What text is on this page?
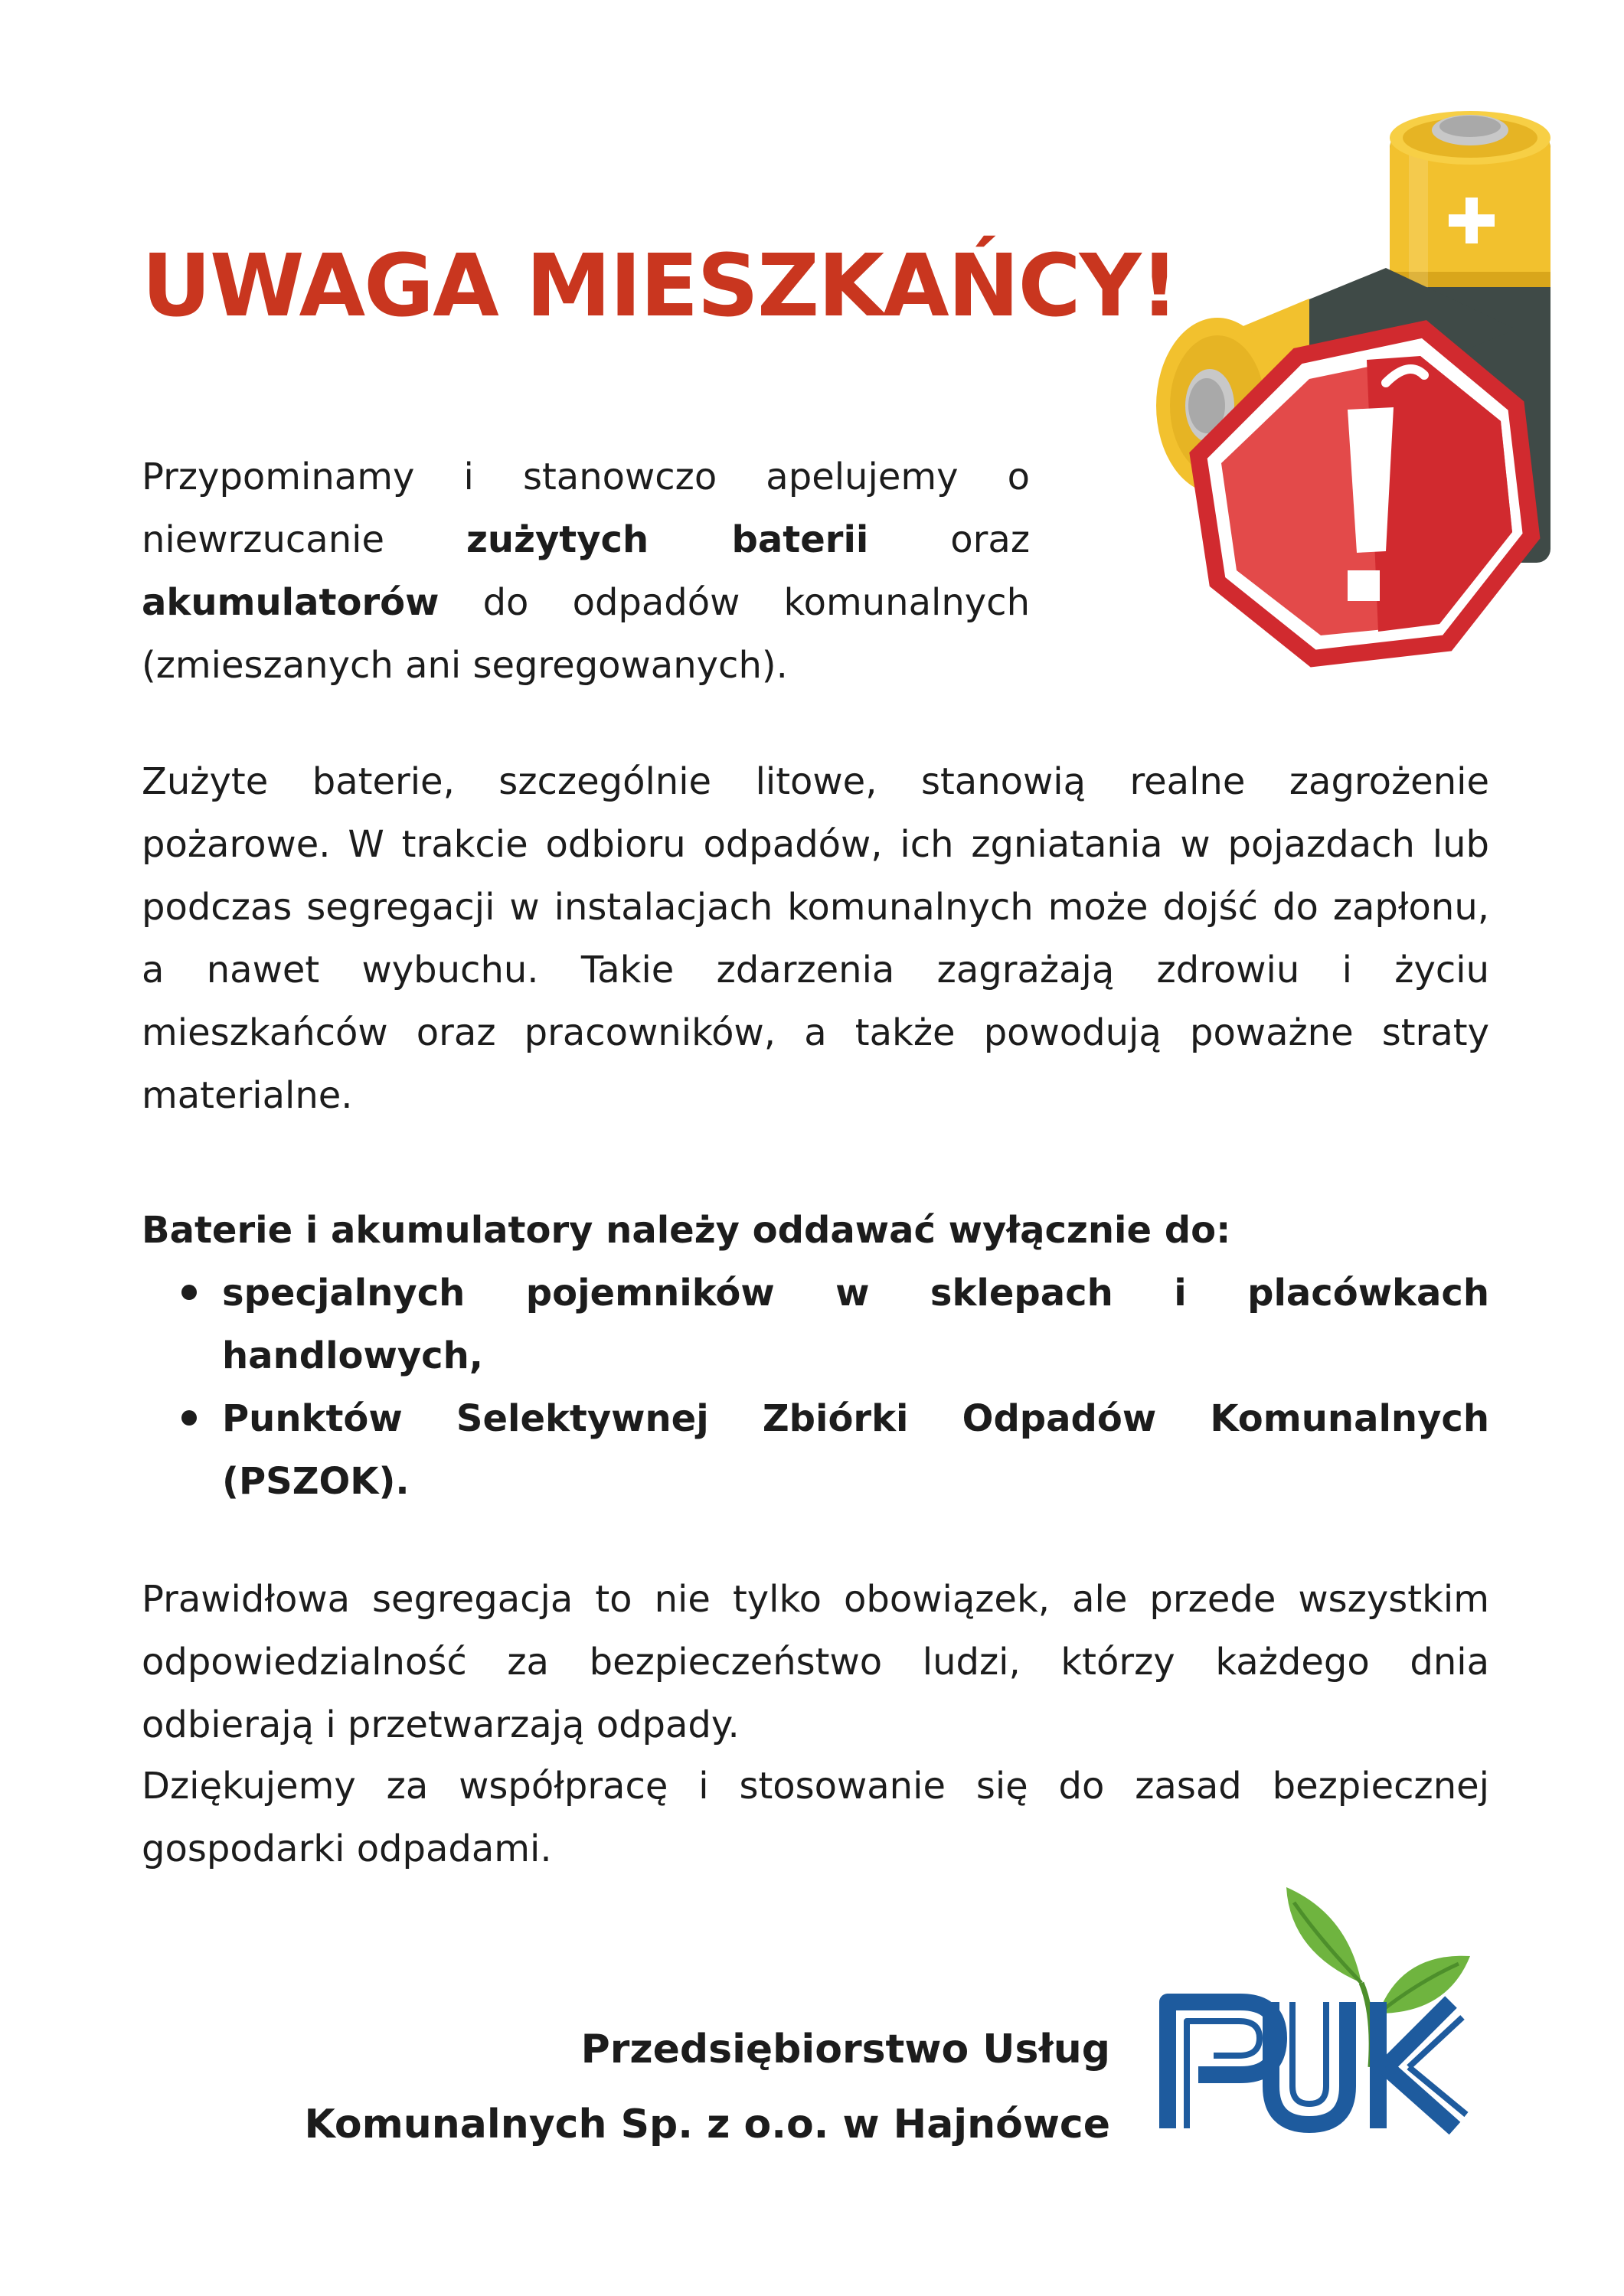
UWAGA MIESZKAŃCY!

Przypominamy i stanowczo apelujemy o niewrzucanie zużytych baterii oraz akumulatorów do odpadów komunalnych (zmieszanych ani segregowanych).

Zużyte baterie, szczególnie litowe, stanowią realne zagrożenie pożarowe. W trakcie odbioru odpadów, ich zgniatania w pojazdach lub podczas segregacji w instalacjach komunalnych może dojść do zapłonu, a nawet wybuchu. Takie zdarzenia zagrażają zdrowiu i życiu mieszkańców oraz pracowników, a także powodują poważne straty materialne.

Baterie i akumulatory należy oddawać wyłącznie do:

specjalnych pojemników w sklepach i placówkach handlowych,
Punktów Selektywnej Zbiórki Odpadów Komunalnych (PSZOK).

Prawidłowa segregacja to nie tylko obowiązek, ale przede wszystkim odpowiedzialność za bezpieczeństwo ludzi, którzy każdego dnia odbierają i przetwarzają odpady.

Dziękujemy za współpracę i stosowanie się do zasad bezpiecznej gospodarki odpadami.

Przedsiębiorstwo Usług
Komunalnych Sp. z o.o. w Hajnówce
